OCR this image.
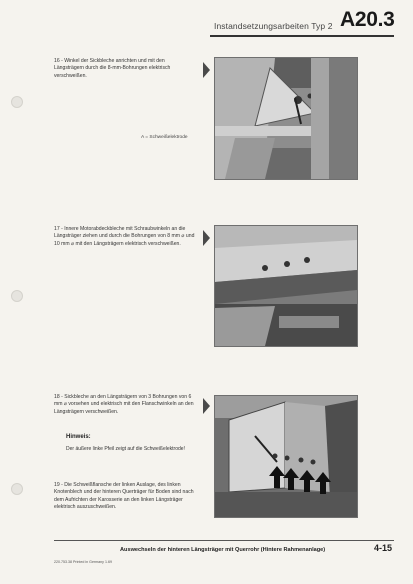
Instandsetzungsarbeiten Typ 2 A20.3
16 - Winkel der Sickbleche anrichten und mit den Längsträgern durch die 8-mm-Bohrungen elektrisch verschweißen.
A = Schweißelektrode
17 - Innere Motorabdeckbleche mit Schraubwinkeln an die Längsträger ziehen und durch die Bohrungen von 8 mm ⌀ und 10 mm ⌀ mit den Längsträgern elektrisch verschweißen.
18 - Sickbleche an den Längsträgern von 3 Bohrungen von 6 mm ⌀ vorsehen und elektrisch mit den Flanschwinkeln an den Längsträgern verschweißen.
Hinweis:
Der äußere linke Pfeil zeigt auf die Schweißelektrode!
19 - Die Schweißflansche der linken Auslage, des linken Knotenblech und der hinteren Querträger für Boden sind nach dem Aufrichten der Karosserie an den linken Längsträger elektrisch auszuschweißen.
Auswechseln der hinteren Längsträger mit Querrohr (Hintere Rahmenanlage)	4-15
220.753.38 Printed in Germany 1.69
